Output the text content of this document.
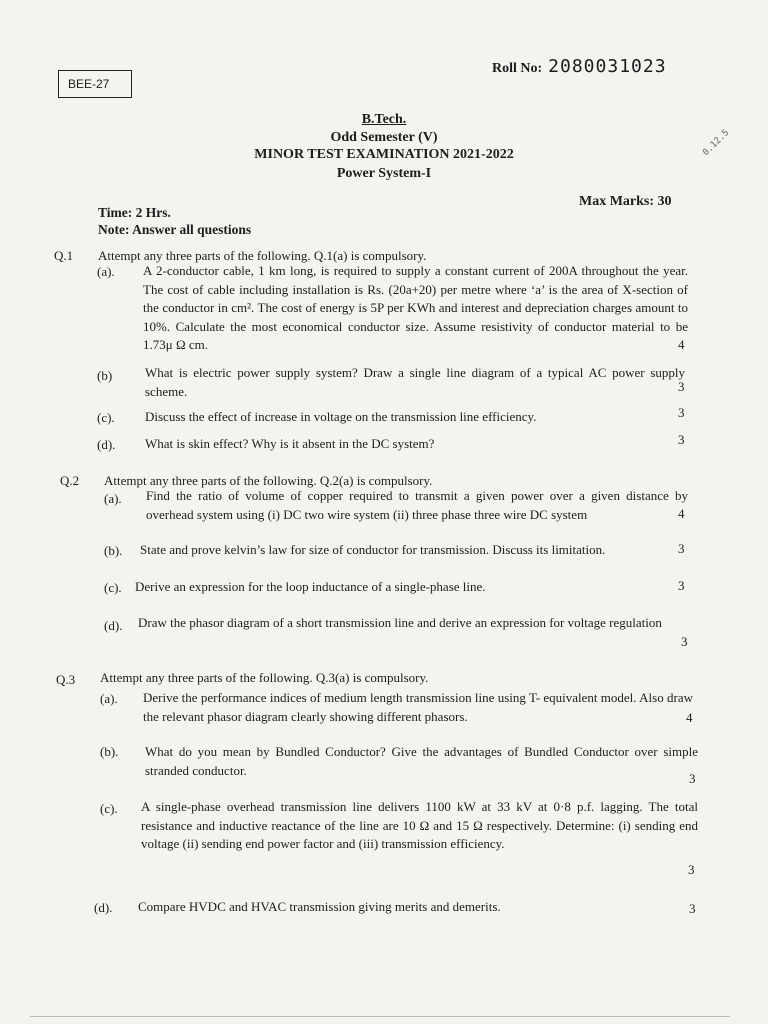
BEE-27
Roll No: 2080031023
0.12.5
B.Tech.
Odd Semester (V)
MINOR TEST EXAMINATION 2021-2022
Power System-I
Time: 2 Hrs.
Note: Answer all questions
Max Marks: 30
Q.1 Attempt any three parts of the following. Q.1(a) is compulsory.
(a). A 2-conductor cable, 1 km long, is required to supply a constant current of 200A throughout the year. The cost of cable including installation is Rs. (20a+20) per metre where ‘a’ is the area of X-section of the conductor in cm². The cost of energy is 5P per KWh and interest and depreciation charges amount to 10%. Calculate the most economical conductor size. Assume resistivity of conductor material to be 1.73μ Ω cm.	4
(b)	What is electric power supply system? Draw a single line diagram of a typical AC power supply scheme.	3
(c). Discuss the effect of increase in voltage on the transmission line efficiency.	3
(d). What is skin effect? Why is it absent in the DC system?	3
Q.2 Attempt any three parts of the following. Q.2(a) is compulsory.
(a). Find the ratio of volume of copper required to transmit a given power over a given distance by overhead system using (i) DC two wire system (ii) three phase three wire DC system	4
(b). State and prove kelvin’s law for size of conductor for transmission. Discuss its limitation.	3
(c). Derive an expression for the loop inductance of a single-phase line.	3
(d). Draw the phasor diagram of a short transmission line and derive an expression for voltage regulation
3
Q.3 Attempt any three parts of the following. Q.3(a) is compulsory.
(a). Derive the performance indices of medium length transmission line using T- equivalent model. Also draw the relevant phasor diagram clearly showing different phasors.	4
(b). What do you mean by Bundled Conductor? Give the advantages of Bundled Conductor over simple stranded conductor.
3
(c). A single-phase overhead transmission line delivers 1100 kW at 33 kV at 0·8 p.f. lagging. The total resistance and inductive reactance of the line are 10 Ω and 15 Ω respectively. Determine: (i) sending end voltage (ii) sending end power factor and (iii) transmission efficiency.
3
(d). Compare HVDC and HVAC transmission giving merits and demerits.	3
